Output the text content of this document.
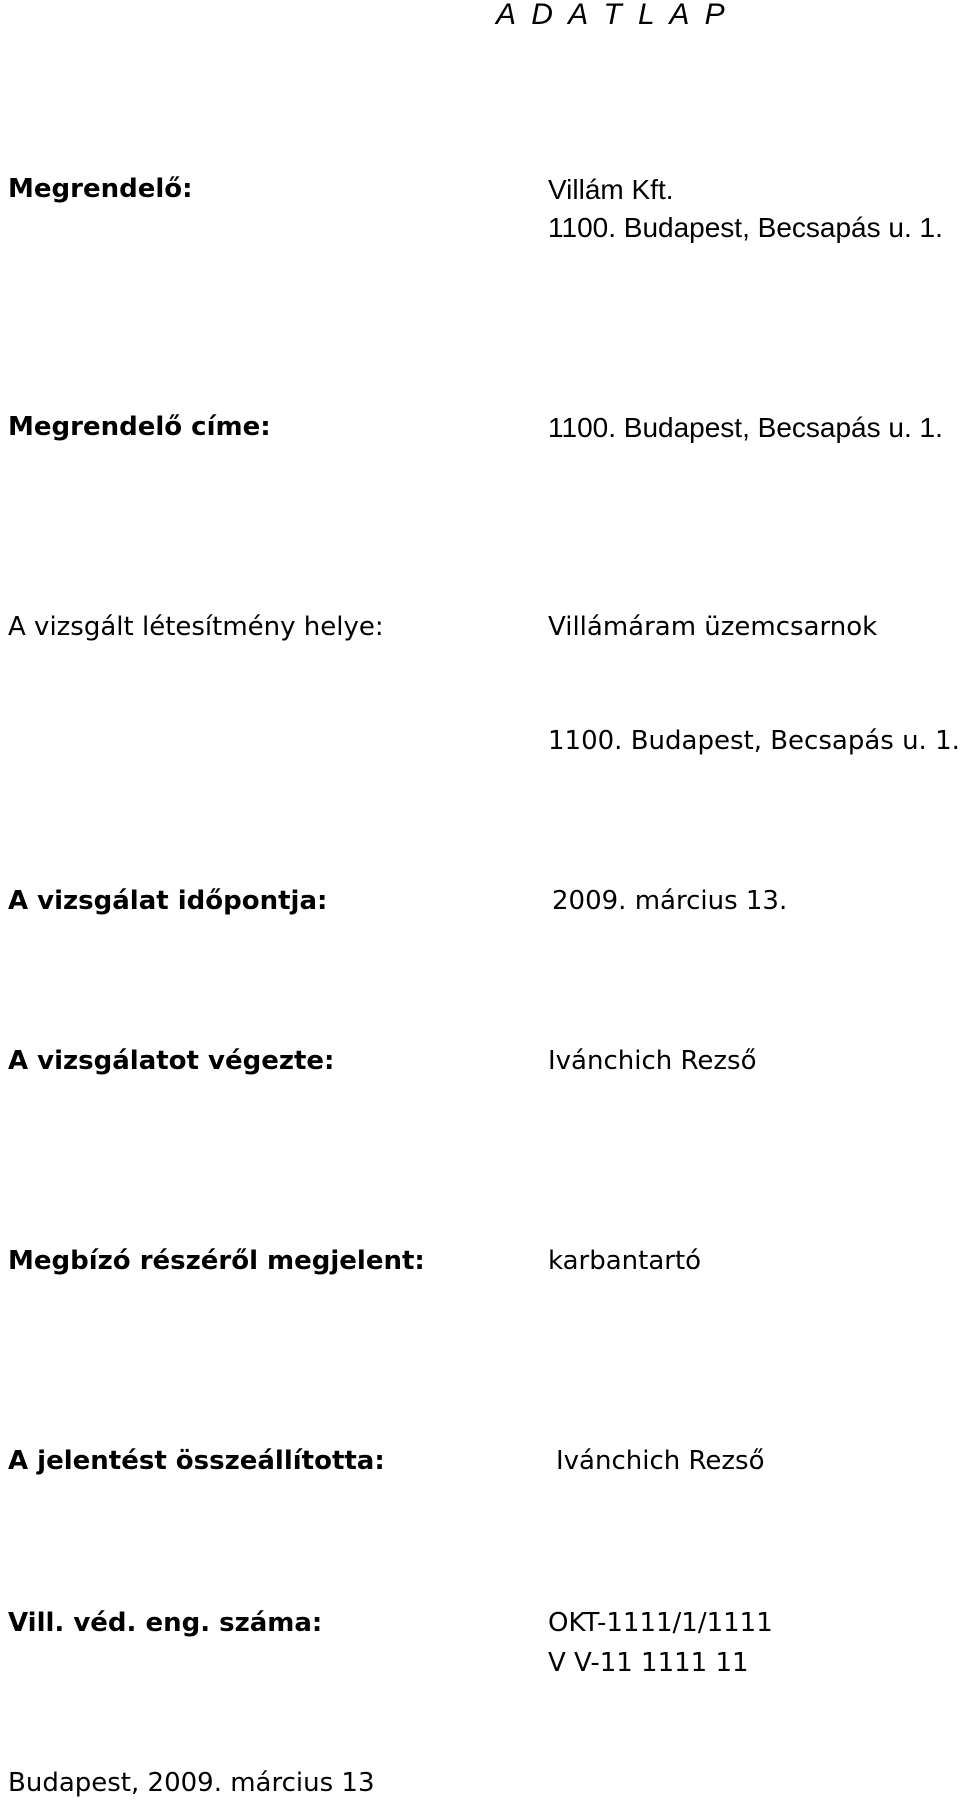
A D A T L A P
Megrendelő:	Villám Kft.
1100. Budapest, Becsapás u. 1.
Megrendelő címe:	1100. Budapest, Becsapás u. 1.
A vizsgált létesítmény helye:	Villámáram üzemcsarnok
1100. Budapest, Becsapás u. 1.
A vizsgálat időpontja:	2009. március 13.
A vizsgálatot végezte:	Ivánchich Rezső
Megbízó részéről megjelent:	karbantartó
A jelentést összeállította:	Ivánchich Rezső
Vill. véd. eng. száma:	OKT-1111/1/1111
V V-11 1111 11
Budapest, 2009. március 13
